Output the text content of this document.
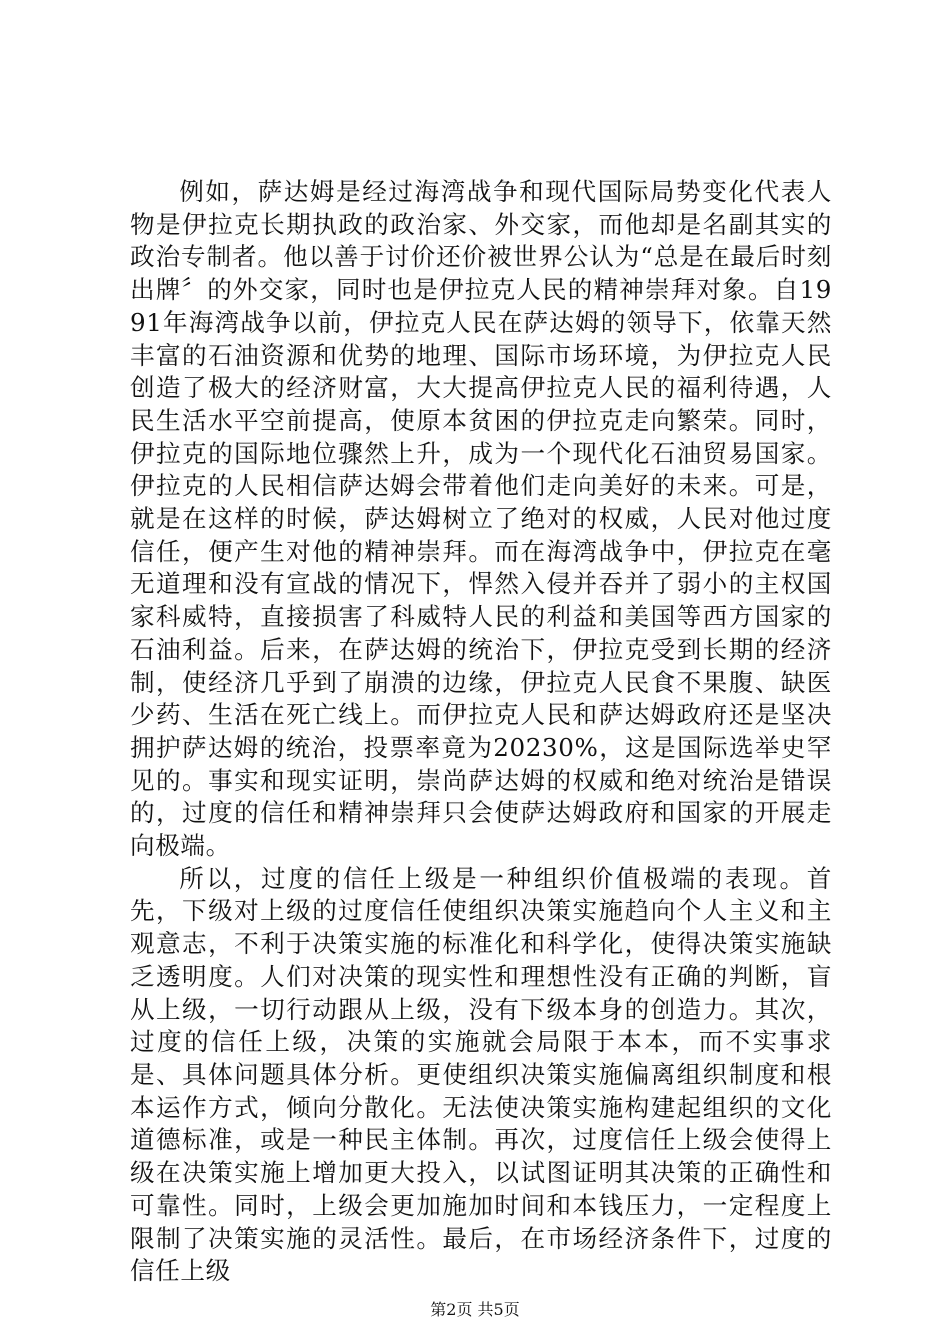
例如，萨达姆是经过海湾战争和现代国际局势变化代表人物是伊拉克长期执政的政治家、外交家，而他却是名副其实的政治专制者。他以善于讨价还价被世界公认为“总是在最后时刻出牌〞的外交家，同时也是伊拉克人民的精神崇拜对象。自1991年海湾战争以前，伊拉克人民在萨达姆的领导下，依靠天然丰富的石油资源和优势的地理、国际市场环境，为伊拉克人民创造了极大的经济财富，大大提高伊拉克人民的福利待遇，人民生活水平空前提高，使原本贫困的伊拉克走向繁荣。同时，伊拉克的国际地位骤然上升，成为一个现代化石油贸易国家。伊拉克的人民相信萨达姆会带着他们走向美好的未来。可是，就是在这样的时候，萨达姆树立了绝对的权威，人民对他过度信任，便产生对他的精神崇拜。而在海湾战争中，伊拉克在毫无道理和没有宣战的情况下，悍然入侵并吞并了弱小的主权国家科威特，直接损害了科威特人民的利益和美国等西方国家的石油利益。后来，在萨达姆的统治下，伊拉克受到长期的经济制，使经济几乎到了崩溃的边缘，伊拉克人民食不果腹、缺医少药、生活在死亡线上。而伊拉克人民和萨达姆政府还是坚决拥护萨达姆的统治，投票率竟为20230%，这是国际选举史罕见的。事实和现实证明，崇尚萨达姆的权威和绝对统治是错误的，过度的信任和精神崇拜只会使萨达姆政府和国家的开展走向极端。

所以，过度的信任上级是一种组织价值极端的表现。首先，下级对上级的过度信任使组织决策实施趋向个人主义和主观意志，不利于决策实施的标准化和科学化，使得决策实施缺乏透明度。人们对决策的现实性和理想性没有正确的判断，盲从上级，一切行动跟从上级，没有下级本身的创造力。其次，过度的信任上级，决策的实施就会局限于本本，而不实事求是、具体问题具体分析。更使组织决策实施偏离组织制度和根本运作方式，倾向分散化。无法使决策实施构建起组织的文化道德标准，或是一种民主体制。再次，过度信任上级会使得上级在决策实施上增加更大投入，以试图证明其决策的正确性和可靠性。同时，上级会更加施加时间和本钱压力，一定程度上限制了决策实施的灵活性。最后，在市场经济条件下，过度的信任上级

第2页 共5页
